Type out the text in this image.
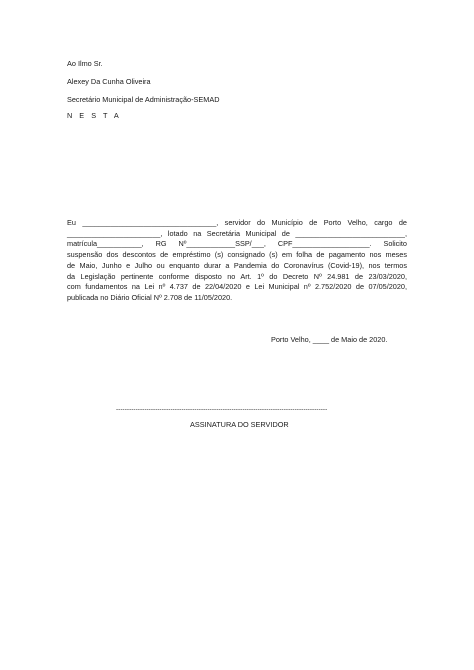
Ao Ilmo Sr.
Alexey Da Cunha Oliveira
Secretário Municipal de Administração-SEMAD
N E S T A
Eu _________________________________, servidor do Município de Porto Velho, cargo de
_______________________, lotado na Secretária Municipal de ___________________________,
matrícula___________, RG Nº____________SSP/___, CPF___________________. Solicito
suspensão dos descontos de empréstimo (s) consignado (s) em folha de pagamento nos meses
de Maio, Junho e Julho ou enquanto durar a Pandemia do Coronavírus (Covid-19), nos termos
da Legislação pertinente conforme disposto no Art. 1º do Decreto Nº 24.981 de 23/03/2020,
com fundamentos na Lei nº 4.737 de 22/04/2020 e Lei Municipal nº 2.752/2020 de 07/05/2020,
publicada no Diário Oficial Nº 2.708 de 11/05/2020.
Porto Velho, ____ de Maio de 2020.
-------------------------------------------------------------------------------------------------
ASSINATURA DO SERVIDOR
